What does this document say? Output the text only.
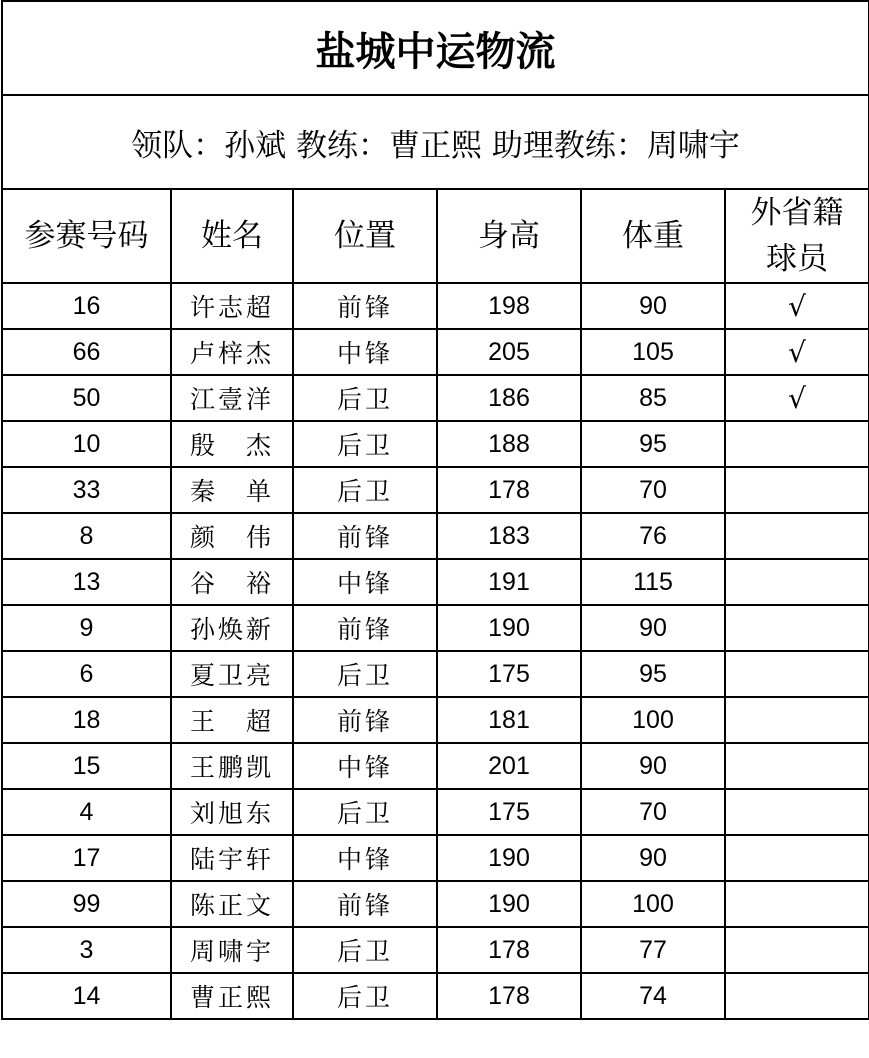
盐城中运物流					
领队：孙斌 教练：曹正熙 助理教练：周啸宇					
参赛号码	姓名	位置	身高	体重	外省籍球员
16	许志超	前锋	198	90	√
66	卢梓杰	中锋	205	105	√
50	江壹洋	后卫	186	85	√
10	殷　杰	后卫	188	95	
33	秦　单	后卫	178	70	
8	颜　伟	前锋	183	76	
13	谷　裕	中锋	191	115	
9	孙焕新	前锋	190	90	
6	夏卫亮	后卫	175	95	
18	王　超	前锋	181	100	
15	王鹏凯	中锋	201	90	
4	刘旭东	后卫	175	70	
17	陆宇轩	中锋	190	90	
99	陈正文	前锋	190	100	
3	周啸宇	后卫	178	77	
14	曹正熙	后卫	178	74	
